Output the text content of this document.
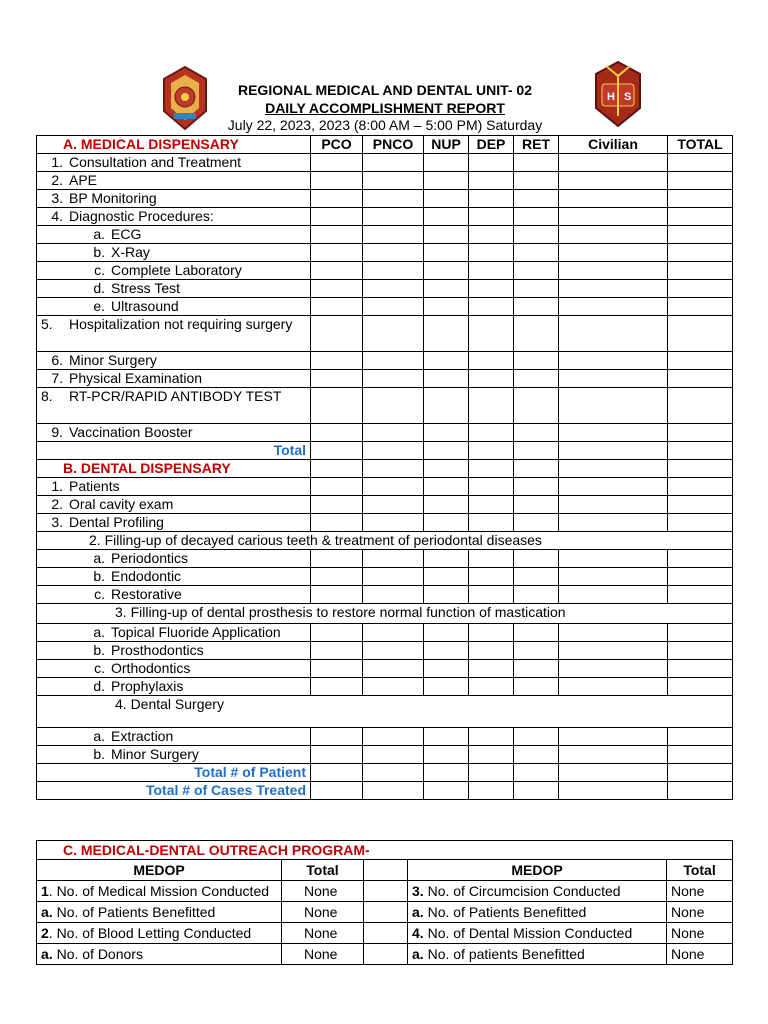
H S
REGIONAL MEDICAL AND DENTAL UNIT- 02
DAILY ACCOMPLISHMENT REPORT
July 22, 2023, 2023 (8:00 AM – 5:00 PM) Saturday
A. MEDICAL DISPENSARY	PCO	PNCO	NUP	DEP	RET	Civilian	TOTAL
1. Consultation and Treatment							
2. APE							
3. BP Monitoring							
4. Diagnostic Procedures:							
a. ECG							
b. X-Ray							
c. Complete Laboratory							
d. Stress Test							
e. Ultrasound							
5. Hospitalization not requiring surgery							
6. Minor Surgery							
7. Physical Examination							
8. RT-PCR/RAPID ANTIBODY TEST							
9. Vaccination Booster							
Total							
B. DENTAL DISPENSARY							
1. Patients							
2. Oral cavity exam							
3. Dental Profiling							
2. Filling-up of decayed carious teeth & treatment of periodontal diseases							
a. Periodontics							
b. Endodontic							
c. Restorative							
3. Filling-up of dental prosthesis to restore normal function of mastication							
a. Topical Fluoride Application							
b. Prosthodontics							
c. Orthodontics							
d. Prophylaxis							
4. Dental Surgery							
a. Extraction							
b. Minor Surgery							
Total # of Patient							
Total # of Cases Treated							
C. MEDICAL-DENTAL OUTREACH PROGRAM-				
MEDOP	Total		MEDOP	Total
1. No. of Medical Mission Conducted	None		3. No. of Circumcision Conducted	None
a. No. of Patients Benefitted	None		a. No. of Patients Benefitted	None
2. No. of Blood Letting Conducted	None		4. No. of Dental Mission Conducted	None
a. No. of Donors	None		a. No. of patients Benefitted	None
